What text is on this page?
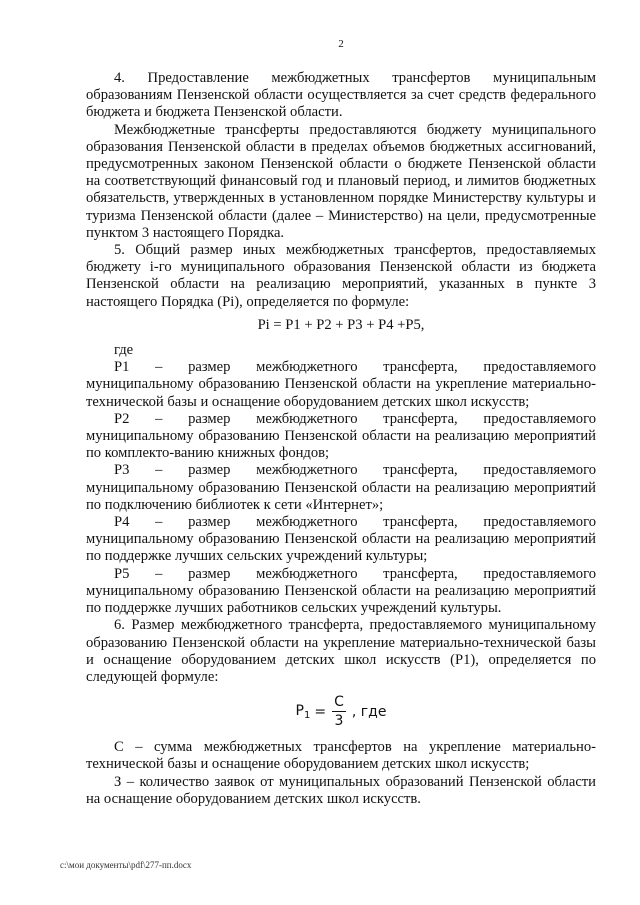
2

4. Предоставление межбюджетных трансфертов муниципальным образованиям Пензенской области осуществляется за счет средств федерального бюджета и бюджета Пензенской области.

Межбюджетные трансферты предоставляются бюджету муниципального образования Пензенской области в пределах объемов бюджетных ассигнований, предусмотренных законом Пензенской области о бюджете Пензенской области на соответствующий финансовый год и плановый период, и лимитов бюджетных обязательств, утвержденных в установленном порядке Министерству культуры и туризма Пензенской области (далее – Министерство) на цели, предусмотренные пунктом 3 настоящего Порядка.

5. Общий размер иных межбюджетных трансфертов, предоставляемых бюджету i-го муниципального образования Пензенской области из бюджета Пензенской области на реализацию мероприятий, указанных в пункте 3 настоящего Порядка (Pi), определяется по формуле:

Pi = P1 + P2 + P3 + P4 +P5,

где

P1 – размер межбюджетного трансферта, предоставляемого муниципальному образованию Пензенской области на укрепление материально-технической базы и оснащение оборудованием детских школ искусств;

P2 – размер межбюджетного трансферта, предоставляемого муниципальному образованию Пензенской области на реализацию мероприятий по комплекто-ванию книжных фондов;

P3 – размер межбюджетного трансферта, предоставляемого муниципальному образованию Пензенской области на реализацию мероприятий по подключению библиотек к сети «Интернет»;

P4 – размер межбюджетного трансферта, предоставляемого муниципальному образованию Пензенской области на реализацию мероприятий по поддержке лучших сельских учреждений культуры;

P5 – размер межбюджетного трансферта, предоставляемого муниципальному образованию Пензенской области на реализацию мероприятий по поддержке лучших работников сельских учреждений культуры.

6. Размер межбюджетного трансферта, предоставляемого муниципальному образованию Пензенской области на укрепление материально-технической базы и оснащение оборудованием детских школ искусств (P1), определяется по следующей формуле:

$P_1 = \frac{C}{3}$ , где

C – сумма межбюджетных трансфертов на укрепление материально-технической базы и оснащение оборудованием детских школ искусств;

З – количество заявок от муниципальных образований Пензенской области на оснащение оборудованием детских школ искусств.

c:\мои документы\pdf\277-пп.docx
